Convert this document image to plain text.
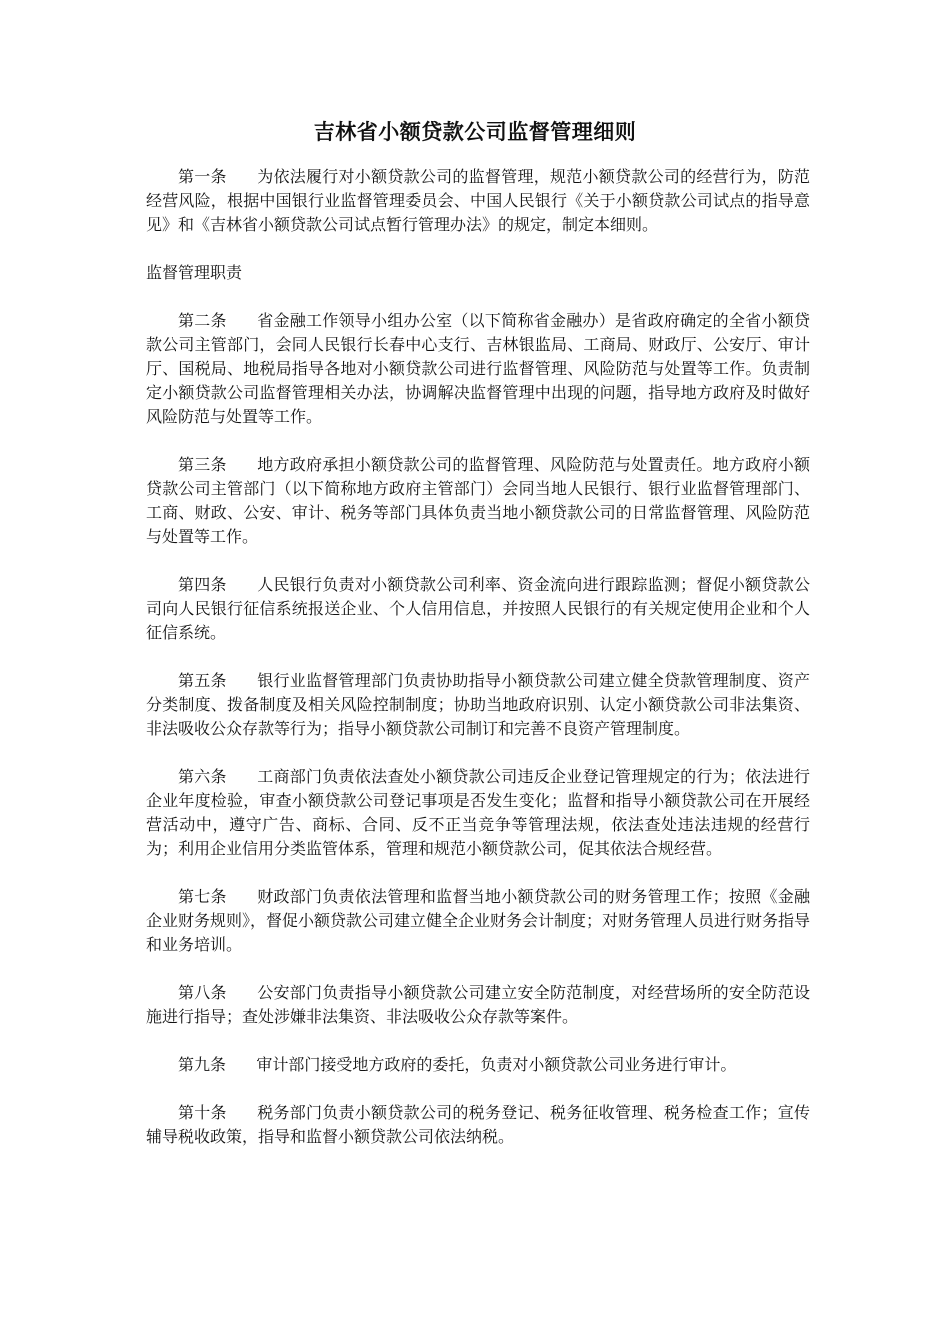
吉林省小额贷款公司监督管理细则

第一条 为依法履行对小额贷款公司的监督管理，规范小额贷款公司的经营行为，防范经营风险，根据中国银行业监督管理委员会、中国人民银行《关于小额贷款公司试点的指导意见》和《吉林省小额贷款公司试点暂行管理办法》的规定，制定本细则。

监督管理职责

第二条 省金融工作领导小组办公室（以下简称省金融办）是省政府确定的全省小额贷款公司主管部门，会同人民银行长春中心支行、吉林银监局、工商局、财政厅、公安厅、审计厅、国税局、地税局指导各地对小额贷款公司进行监督管理、风险防范与处置等工作。负责制定小额贷款公司监督管理相关办法，协调解决监督管理中出现的问题，指导地方政府及时做好风险防范与处置等工作。

第三条 地方政府承担小额贷款公司的监督管理、风险防范与处置责任。地方政府小额贷款公司主管部门（以下简称地方政府主管部门）会同当地人民银行、银行业监督管理部门、工商、财政、公安、审计、税务等部门具体负责当地小额贷款公司的日常监督管理、风险防范与处置等工作。

第四条 人民银行负责对小额贷款公司利率、资金流向进行跟踪监测；督促小额贷款公司向人民银行征信系统报送企业、个人信用信息，并按照人民银行的有关规定使用企业和个人征信系统。

第五条 银行业监督管理部门负责协助指导小额贷款公司建立健全贷款管理制度、资产分类制度、拨备制度及相关风险控制制度；协助当地政府识别、认定小额贷款公司非法集资、非法吸收公众存款等行为；指导小额贷款公司制订和完善不良资产管理制度。

第六条 工商部门负责依法查处小额贷款公司违反企业登记管理规定的行为；依法进行企业年度检验，审查小额贷款公司登记事项是否发生变化；监督和指导小额贷款公司在开展经营活动中，遵守广告、商标、合同、反不正当竞争等管理法规，依法查处违法违规的经营行为；利用企业信用分类监管体系，管理和规范小额贷款公司，促其依法合规经营。

第七条 财政部门负责依法管理和监督当地小额贷款公司的财务管理工作；按照《金融企业财务规则》，督促小额贷款公司建立健全企业财务会计制度；对财务管理人员进行财务指导和业务培训。

第八条 公安部门负责指导小额贷款公司建立安全防范制度，对经营场所的安全防范设施进行指导；查处涉嫌非法集资、非法吸收公众存款等案件。

第九条 审计部门接受地方政府的委托，负责对小额贷款公司业务进行审计。

第十条 税务部门负责小额贷款公司的税务登记、税务征收管理、税务检查工作；宣传辅导税收政策，指导和监督小额贷款公司依法纳税。
